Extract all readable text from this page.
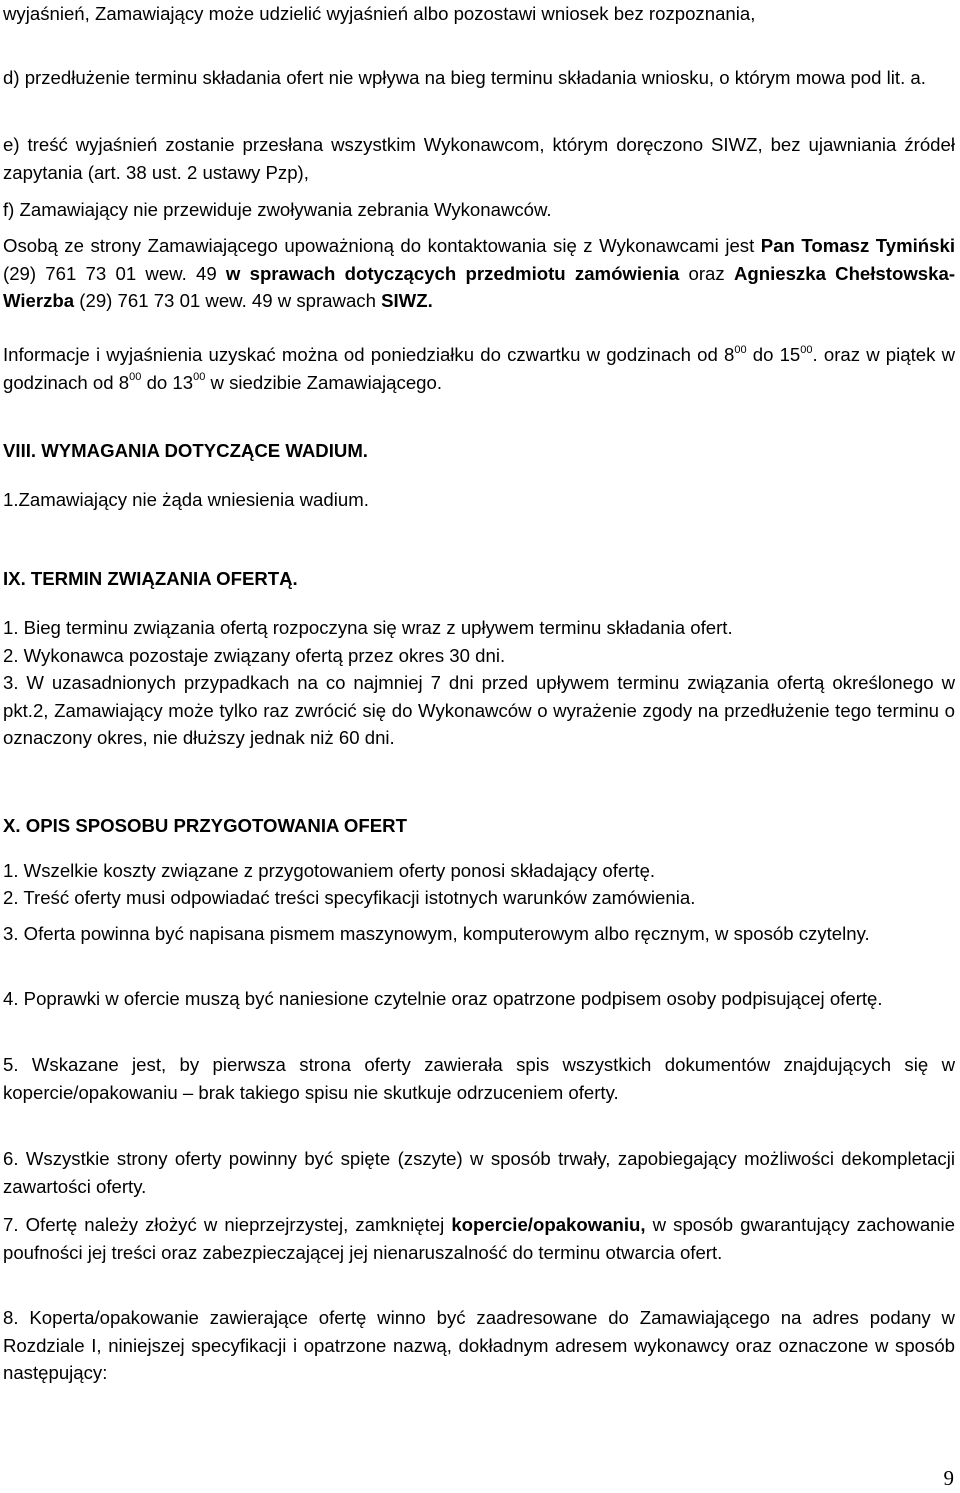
wyjaśnień, Zamawiający może udzielić wyjaśnień albo pozostawi wniosek bez rozpoznania,
d) przedłużenie terminu składania ofert nie wpływa na bieg terminu składania wniosku, o którym mowa pod lit. a.
e) treść wyjaśnień zostanie przesłana wszystkim Wykonawcom, którym doręczono SIWZ, bez ujawniania źródeł zapytania (art. 38 ust. 2 ustawy Pzp),
f) Zamawiający nie przewiduje zwoływania zebrania Wykonawców.
Osobą ze strony Zamawiającego upoważnioną do kontaktowania się z Wykonawcami jest Pan Tomasz Tymiński (29) 761 73 01 wew. 49 w sprawach dotyczących przedmiotu zamówienia oraz Agnieszka Chełstowska-Wierzba (29) 761 73 01 wew. 49 w sprawach SIWZ.
Informacje i wyjaśnienia uzyskać można od poniedziałku do czwartku w godzinach od $8^{00}$ do $15^{00}$. oraz w piątek w godzinach od $8^{00}$ do $13^{00}$ w siedzibie Zamawiającego.
VIII. WYMAGANIA DOTYCZĄCE WADIUM.
1.Zamawiający nie żąda wniesienia wadium.
IX. TERMIN ZWIĄZANIA OFERTĄ.
1. Bieg terminu związania ofertą rozpoczyna się wraz z upływem terminu składania ofert.
2. Wykonawca pozostaje związany ofertą przez okres 30 dni.
3. W uzasadnionych przypadkach na co najmniej 7 dni przed upływem terminu związania ofertą określonego w pkt.2, Zamawiający może tylko raz zwrócić się do Wykonawców o wyrażenie zgody na przedłużenie tego terminu o oznaczony okres, nie dłuższy jednak niż 60 dni.
X. OPIS SPOSOBU PRZYGOTOWANIA OFERT
1. Wszelkie koszty związane z przygotowaniem oferty ponosi składający ofertę.
2. Treść oferty musi odpowiadać treści specyfikacji istotnych warunków zamówienia.
3. Oferta powinna być napisana pismem maszynowym, komputerowym albo ręcznym, w sposób czytelny.
4. Poprawki w ofercie muszą być naniesione czytelnie oraz opatrzone podpisem osoby podpisującej ofertę.
5. Wskazane jest, by pierwsza strona oferty zawierała spis wszystkich dokumentów znajdujących się w kopercie/opakowaniu – brak takiego spisu nie skutkuje odrzuceniem oferty.
6. Wszystkie strony oferty powinny być spięte (zszyte) w sposób trwały, zapobiegający możliwości dekompletacji zawartości oferty.
7. Ofertę należy złożyć w nieprzejrzystej, zamkniętej kopercie/opakowaniu, w sposób gwarantujący zachowanie poufności jej treści oraz zabezpieczającej jej nienaruszalność do terminu otwarcia ofert.
8. Koperta/opakowanie zawierające ofertę winno być zaadresowane do Zamawiającego na adres podany w Rozdziale I, niniejszej specyfikacji i opatrzone nazwą, dokładnym adresem wykonawcy oraz oznaczone w sposób następujący:
9
